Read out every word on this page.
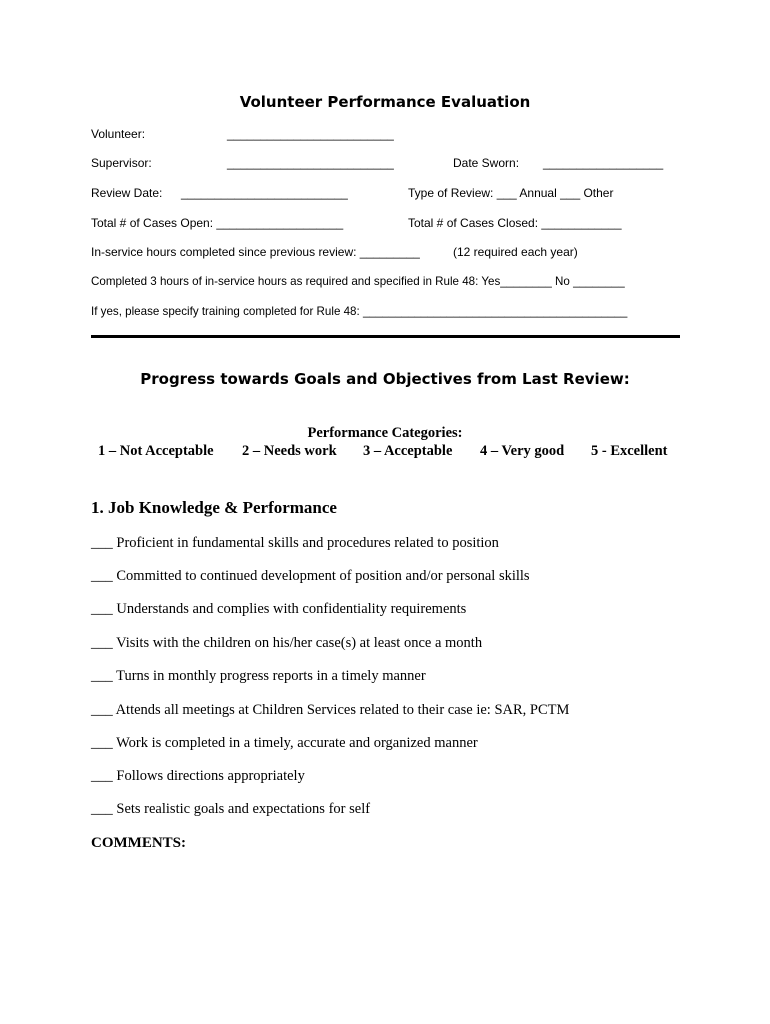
Volunteer Performance Evaluation
Volunteer:	_________________________
Supervisor:	_________________________	Date Sworn: __________________
Review Date: _________________________	Type of Review: ___ Annual ___ Other
Total # of Cases Open: ___________________	Total # of Cases Closed: ____________
In-service hours completed since previous review: _________	(12 required each year)
Completed 3 hours of in-service hours as required and specified in Rule 48: Yes________ No ________
If yes, please specify training completed for Rule 48: _________________________________________
Progress towards Goals and Objectives from Last Review:
Performance Categories:
1 – Not Acceptable 2 – Needs work 3 – Acceptable 4 – Very good 5 - Excellent
1. Job Knowledge & Performance
___ Proficient in fundamental skills and procedures related to position
___ Committed to continued development of position and/or personal skills
___ Understands and complies with confidentiality requirements
___ Visits with the children on his/her case(s) at least once a month
___ Turns in monthly progress reports in a timely manner
___ Attends all meetings at Children Services related to their case ie: SAR, PCTM
___ Work is completed in a timely, accurate and organized manner
___ Follows directions appropriately
___ Sets realistic goals and expectations for self
COMMENTS:
